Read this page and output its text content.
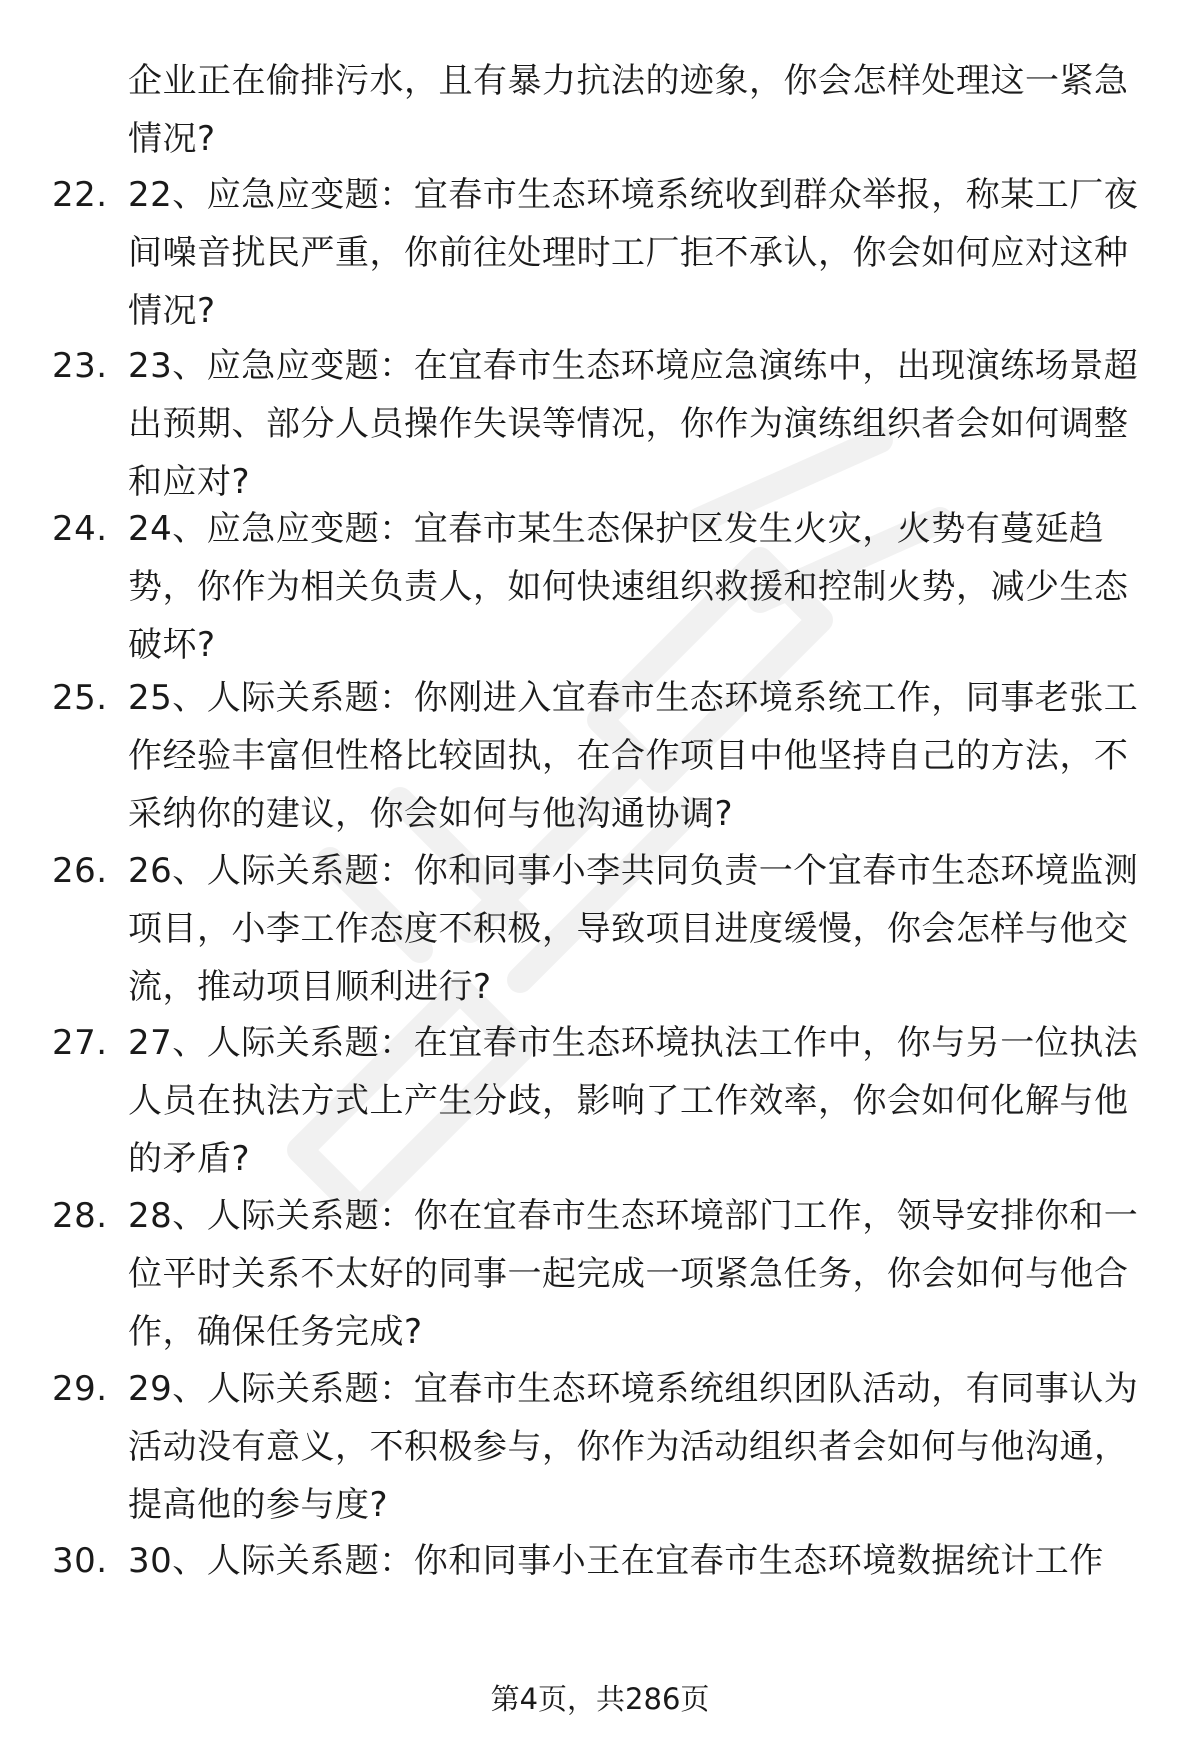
企业正在偷排污水，且有暴力抗法的迹象，你会怎样处理这一紧急情况?
22. 22、应急应变题：宜春市生态环境系统收到群众举报，称某工厂夜间噪音扰民严重，你前往处理时工厂拒不承认，你会如何应对这种情况?
23. 23、应急应变题：在宜春市生态环境应急演练中，出现演练场景超出预期、部分人员操作失误等情况，你作为演练组织者会如何调整和应对?
24. 24、应急应变题：宜春市某生态保护区发生火灾，火势有蔓延趋势，你作为相关负责人，如何快速组织救援和控制火势，减少生态破坏?
25. 25、人际关系题：你刚进入宜春市生态环境系统工作，同事老张工作经验丰富但性格比较固执，在合作项目中他坚持自己的方法，不采纳你的建议，你会如何与他沟通协调?
26. 26、人际关系题：你和同事小李共同负责一个宜春市生态环境监测项目，小李工作态度不积极，导致项目进度缓慢，你会怎样与他交流，推动项目顺利进行?
27. 27、人际关系题：在宜春市生态环境执法工作中，你与另一位执法人员在执法方式上产生分歧，影响了工作效率，你会如何化解与他的矛盾?
28. 28、人际关系题：你在宜春市生态环境部门工作，领导安排你和一位平时关系不太好的同事一起完成一项紧急任务，你会如何与他合作，确保任务完成?
29. 29、人际关系题：宜春市生态环境系统组织团队活动，有同事认为活动没有意义，不积极参与，你作为活动组织者会如何与他沟通，提高他的参与度?
30. 30、人际关系题：你和同事小王在宜春市生态环境数据统计工作
第4页，共286页
